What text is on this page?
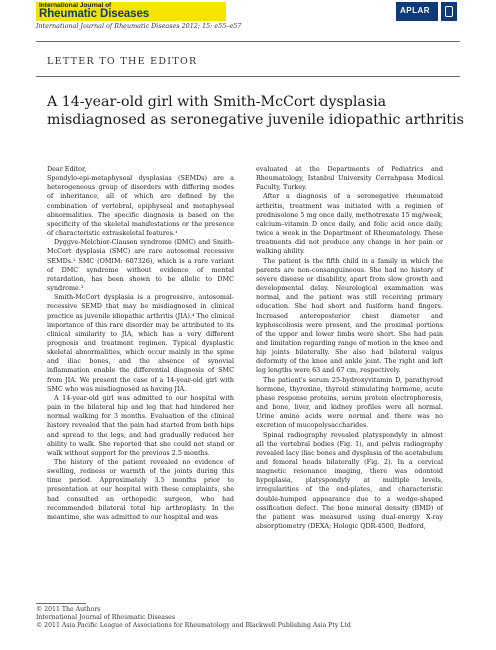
International Journal of
Rheumatic Diseases	APLAR
International Journal of Rheumatic Diseases 2012; 15: e55–e57
LETTER TO THE EDITOR
A 14-year-old girl with Smith-McCort dysplasia misdiagnosed as seronegative juvenile idiopathic arthritis

Dear Editor,

Spondylo-epi-metaphyseal dysplasias (SEMDs) are a heterogeneous group of disorders with differing modes of inheritance, all of which are defined by the combination of vertebral, epiphyseal and metaphyseal abnormalities. The specific diagnosis is based on the specificity of the skeletal manifestations or the presence of characteristic extraskeletal features.¹

Dyggve-Melchior-Clausen syndrome (DMC) and Smith-McCort dysplasia (SMC) are rare autosomal recessive SEMDs.² SMC (OMIM: 607326), which is a rare variant of DMC syndrome without evidence of mental retardation, has been shown to be allelic to DMC syndrome.³

Smith-McCort dysplasia is a progressive, autosomal-recessive SEMD that may be misdiagnosed in clinical practice as juvenile idiopathic arthritis (JIA).⁴ The clinical importance of this rare disorder may be attributed to its clinical similarity to JIA, which has a very different prognosis and treatment regimen. Typical dysplastic skeletal abnormalities, which occur mainly in the spine and iliac bones, and the absence of synovial inflammation enable the differential diagnosis of SMC from JIA. We present the case of a 14-year-old girl with SMC who was misdiagnosed as having JIA.

A 14-year-old girl was admitted to our hospital with pain in the bilateral hip and leg that had hindered her normal walking for 3 months. Evaluation of the clinical history revealed that the pain had started from both hips and spread to the legs, and had gradually reduced her ability to walk. She reported that she could not stand or walk without support for the previous 2.5 months.

The history of the patient revealed no evidence of swelling, redness or warmth of the joints during this time period. Approximately 3.5 months prior to presentation at our hospital with these complaints, she had consulted an orthopedic surgeon, who had recommended bilateral total hip arthroplasty. In the meantime, she was admitted to our hospital and was

evaluated at the Departments of Pediatrics and Rheumatology, Istanbul University Cerrahpasa Medical Faculty, Turkey.

After a diagnosis of a seronegative rheumatoid arthritis, treatment was initiated with a regimen of prednisolone 5 mg once daily, methotrexate 15 mg/week, calcium–vitamin D once daily, and folic acid once daily, twice a week in the Department of Rheumatology. These treatments did not produce any change in her pain or walking ability.

The patient is the fifth child in a family in which the parents are non-consanguineous. She had no history of severe disease or disability, apart from slow growth and developmental delay. Neurological examination was normal, and the patient was still receiving primary education. She had short and fusiform hand fingers. Increased anteroposterior chest diameter and kyphoscoliosis were present, and the proximal portions of the upper and lower limbs were short. She had pain and limitation regarding range of motion in the knee and hip joints bilaterally. She also had bilateral valgus deformity of the knee and ankle joint. The right and left leg lengths were 63 and 67 cm, respectively.

The patient's serum 25-hydroxyvitamin D, parathyroid hormone, thyroxine, thyroid stimulating hormone, acute phase response proteins, serum protein electrophoresis, and bone, liver, and kidney profiles were all normal. Urine amino acids were normal and there was no excretion of mucopolysaccharides.

Spinal radiography revealed platyspondyly in almost all the vertebral bodies (Fig. 1), and pelvis radiography revealed lacy iliac bones and dysplasia of the acetabulum and femoral heads bilaterally (Fig. 2). In a cervical magnetic resonance imaging, there was odontoid hypoplasia, platyspondyly at multiple levels, irregularities of the end-plates, and characteristic double-humped appearance due to a wedge-shaped ossification defect. The bone mineral density (BMD) of the patient was measured using dual-energy X-ray absorptiometry (DEXA; Hologic QDR-4500, Bedford,

© 2011 The Authors
International Journal of Rheumatic Diseases
© 2011 Asia Pacific League of Associations for Rheumatology and Blackwell Publishing Asia Pty Ltd
